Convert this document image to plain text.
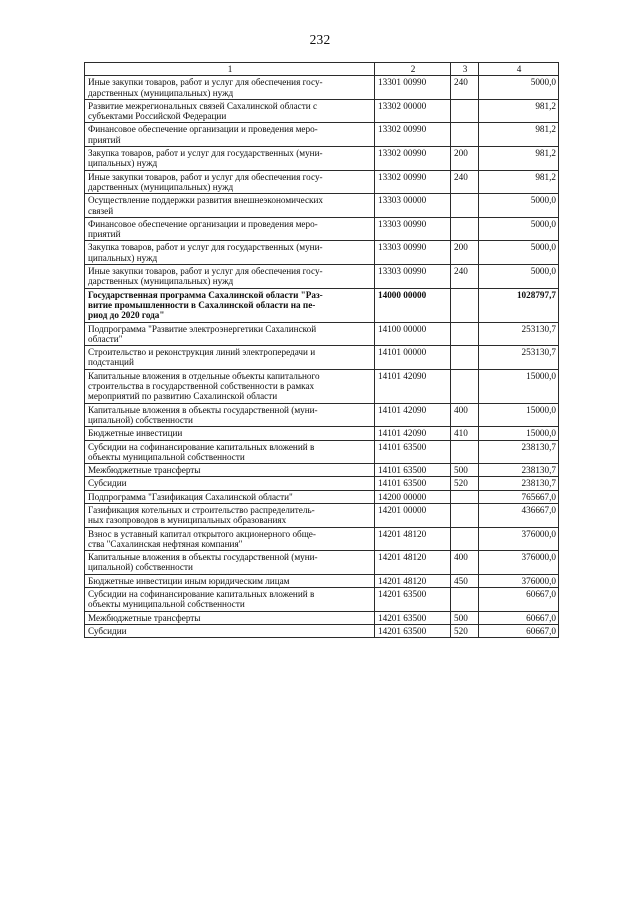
232
1	2	3	4

Иные закупки товаров, работ и услуг для обеспечения госу-
дарственных (муниципальных) нужд	13301 00990	240	5000,0

Развитие межрегиональных связей Сахалинской области с
субъектами Российской Федерации	13302 00000		981,2

Финансовое обеспечение организации и проведения меро-
приятий	13302 00990		981,2

Закупка товаров, работ и услуг для государственных (муни-
ципальных) нужд	13302 00990	200	981,2

Иные закупки товаров, работ и услуг для обеспечения госу-
дарственных (муниципальных) нужд	13302 00990	240	981,2

Осуществление поддержки развития внешнеэкономических
связей	13303 00000		5000,0

Финансовое обеспечение организации и проведения меро-
приятий	13303 00990		5000,0

Закупка товаров, работ и услуг для государственных (муни-
ципальных) нужд	13303 00990	200	5000,0

Иные закупки товаров, работ и услуг для обеспечения госу-
дарственных (муниципальных) нужд	13303 00990	240	5000,0

Государственная программа Сахалинской области "Раз-
витие промышленности в Сахалинской области на пе-
риод до 2020 года"	14000 00000		1028797,7

Подпрограмма "Развитие электроэнергетики Сахалинской
области"	14100 00000		253130,7

Строительство и реконструкция линий электропередачи и
подстанций	14101 00000		253130,7

Капитальные вложения в отдельные объекты капитального
строительства в государственной собственности в рамках
мероприятий по развитию Сахалинской области	14101 42090		15000,0

Капитальные вложения в объекты государственной (муни-
ципальной) собственности	14101 42090	400	15000,0

Бюджетные инвестиции	14101 42090	410	15000,0

Субсидии на софинансирование капитальных вложений в
объекты муниципальной собственности	14101 63500		238130,7

Межбюджетные трансферты	14101 63500	500	238130,7

Субсидии	14101 63500	520	238130,7

Подпрограмма "Газификация Сахалинской области"	14200 00000		765667,0

Газификация котельных и строительство распределитель-
ных газопроводов в муниципальных образованиях	14201 00000		436667,0

Взнос в уставный капитал открытого акционерного обще-
ства "Сахалинская нефтяная компания"	14201 48120		376000,0

Капитальные вложения в объекты государственной (муни-
ципальной) собственности	14201 48120	400	376000,0

Бюджетные инвестиции иным юридическим лицам	14201 48120	450	376000,0

Субсидии на софинансирование капитальных вложений в
объекты муниципальной собственности	14201 63500		60667,0

Межбюджетные трансферты	14201 63500	500	60667,0

Субсидии	14201 63500	520	60667,0
